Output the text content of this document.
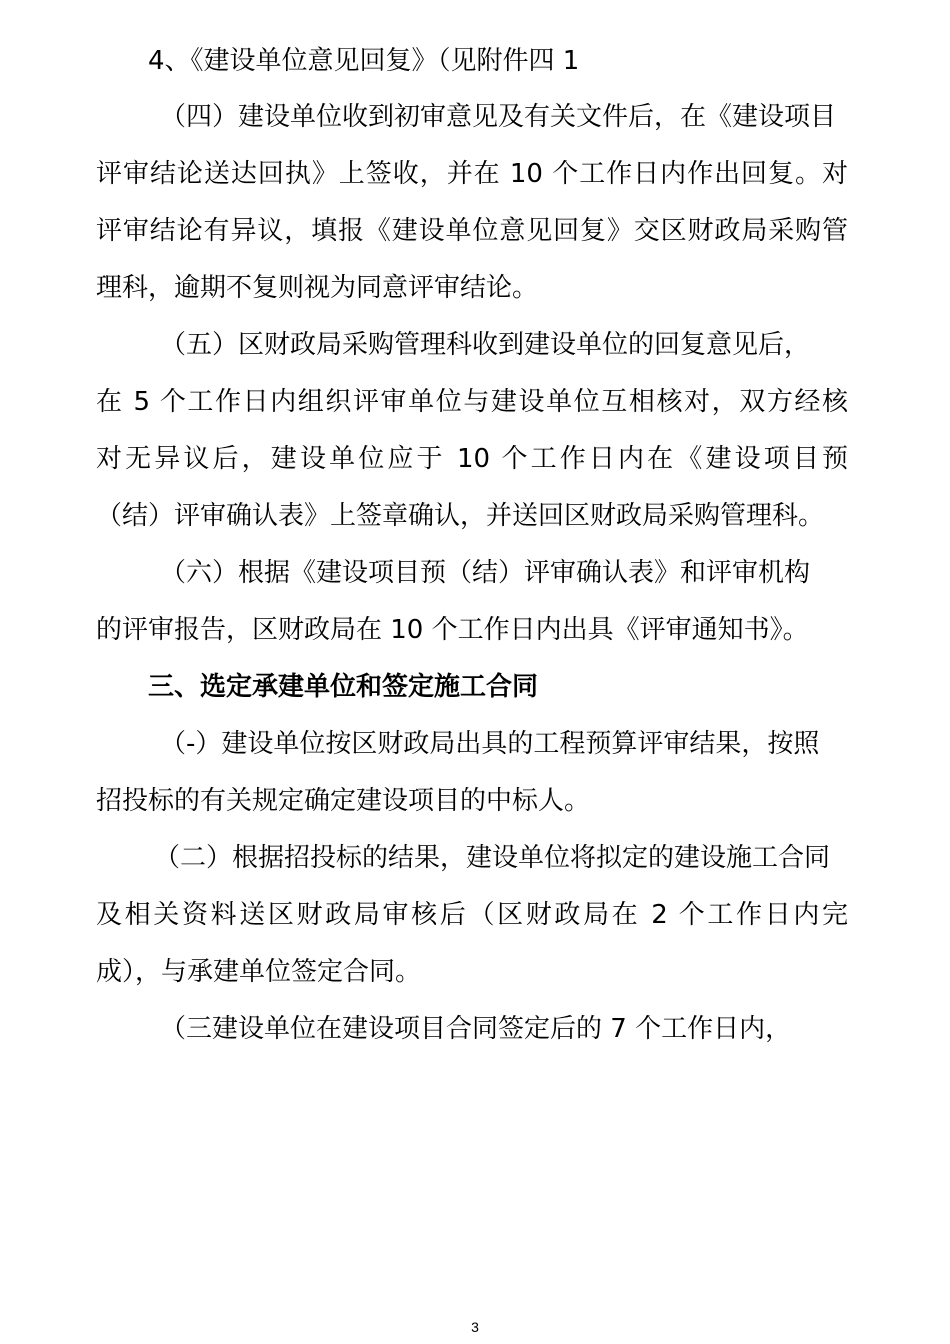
4、《建设单位意见回复》（见附件四 1
（四）建设单位收到初审意见及有关文件后，在《建设项目
评审结论送达回执》上签收，并在 10 个工作日内作出回复。对
评审结论有异议，填报《建设单位意见回复》交区财政局采购管
理科，逾期不复则视为同意评审结论。
（五）区财政局采购管理科收到建设单位的回复意见后，
在 5 个工作日内组织评审单位与建设单位互相核对，双方经核
对无异议后，建设单位应于 10 个工作日内在《建设项目预
（结）评审确认表》上签章确认，并送回区财政局采购管理科。
（六）根据《建设项目预（结）评审确认表》和评审机构
的评审报告，区财政局在 10 个工作日内出具《评审通知书》。
三、选定承建单位和签定施工合同
（-）建设单位按区财政局出具的工程预算评审结果，按照
招投标的有关规定确定建设项目的中标人。
（二）根据招投标的结果，建设单位将拟定的建设施工合同
及相关资料送区财政局审核后（区财政局在 2 个工作日内完
成），与承建单位签定合同。
（三建设单位在建设项目合同签定后的 7 个工作日内，
3
